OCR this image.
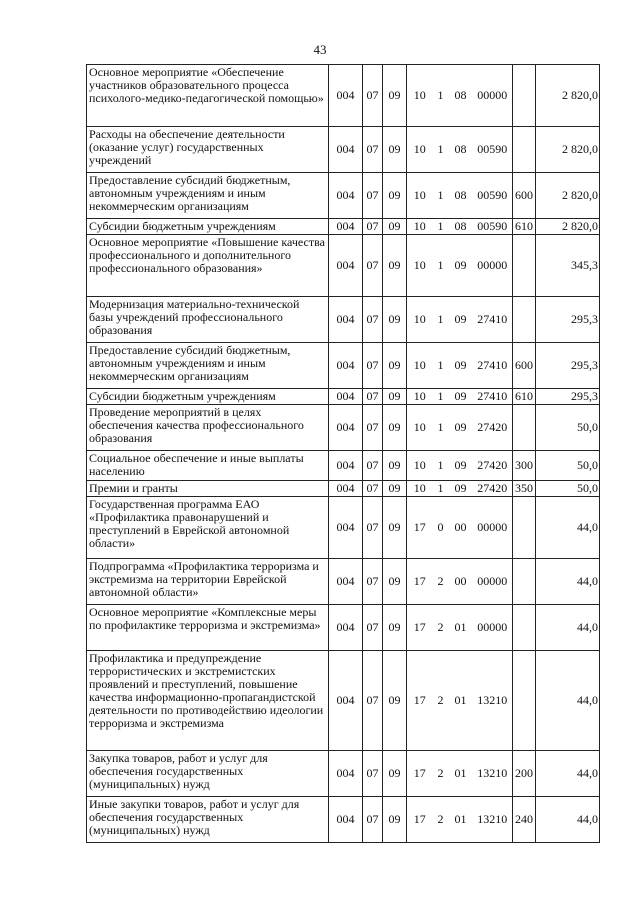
43
Основное мероприятие «Обеспечение участников образовательного процесса психолого-медико-педагогической помощью»	004	07	09	10	1	08	00000		2 820,0
Расходы на обеспечение деятельности (оказание услуг) государственных учреждений	004	07	09	10	1	08	00590		2 820,0
Предоставление субсидий бюджетным, автономным учреждениям и иным некоммерческим организациям	004	07	09	10	1	08	00590	600	2 820,0
Субсидии бюджетным учреждениям	004	07	09	10	1	08	00590	610	2 820,0
Основное мероприятие «Повышение качества профессионального и дополнительного профессионального образования»	004	07	09	10	1	09	00000		345,3
Модернизация материально-технической базы учреждений профессионального образования	004	07	09	10	1	09	27410		295,3
Предоставление субсидий бюджетным, автономным учреждениям и иным некоммерческим организациям	004	07	09	10	1	09	27410	600	295,3
Субсидии бюджетным учреждениям	004	07	09	10	1	09	27410	610	295,3
Проведение мероприятий в целях обеспечения качества профессионального образования	004	07	09	10	1	09	27420		50,0
Социальное обеспечение и иные выплаты населению	004	07	09	10	1	09	27420	300	50,0
Премии и гранты	004	07	09	10	1	09	27420	350	50,0
Государственная программа ЕАО «Профилактика правонарушений и преступлений в Еврейской автономной области»	004	07	09	17	0	00	00000		44,0
Подпрограмма «Профилактика терроризма и экстремизма на территории Еврейской автономной области»	004	07	09	17	2	00	00000		44,0
Основное мероприятие «Комплексные меры по профилактике терроризма и экстремизма»	004	07	09	17	2	01	00000		44,0
Профилактика и предупреждение террористических и экстремистских проявлений и преступлений, повышение качества информационно-пропагандистской деятельности по противодействию идеологии терроризма и экстремизма	004	07	09	17	2	01	13210		44,0
Закупка товаров, работ и услуг для обеспечения государственных (муниципальных) нужд	004	07	09	17	2	01	13210	200	44,0
Иные закупки товаров, работ и услуг для обеспечения государственных (муниципальных) нужд	004	07	09	17	2	01	13210	240	44,0
